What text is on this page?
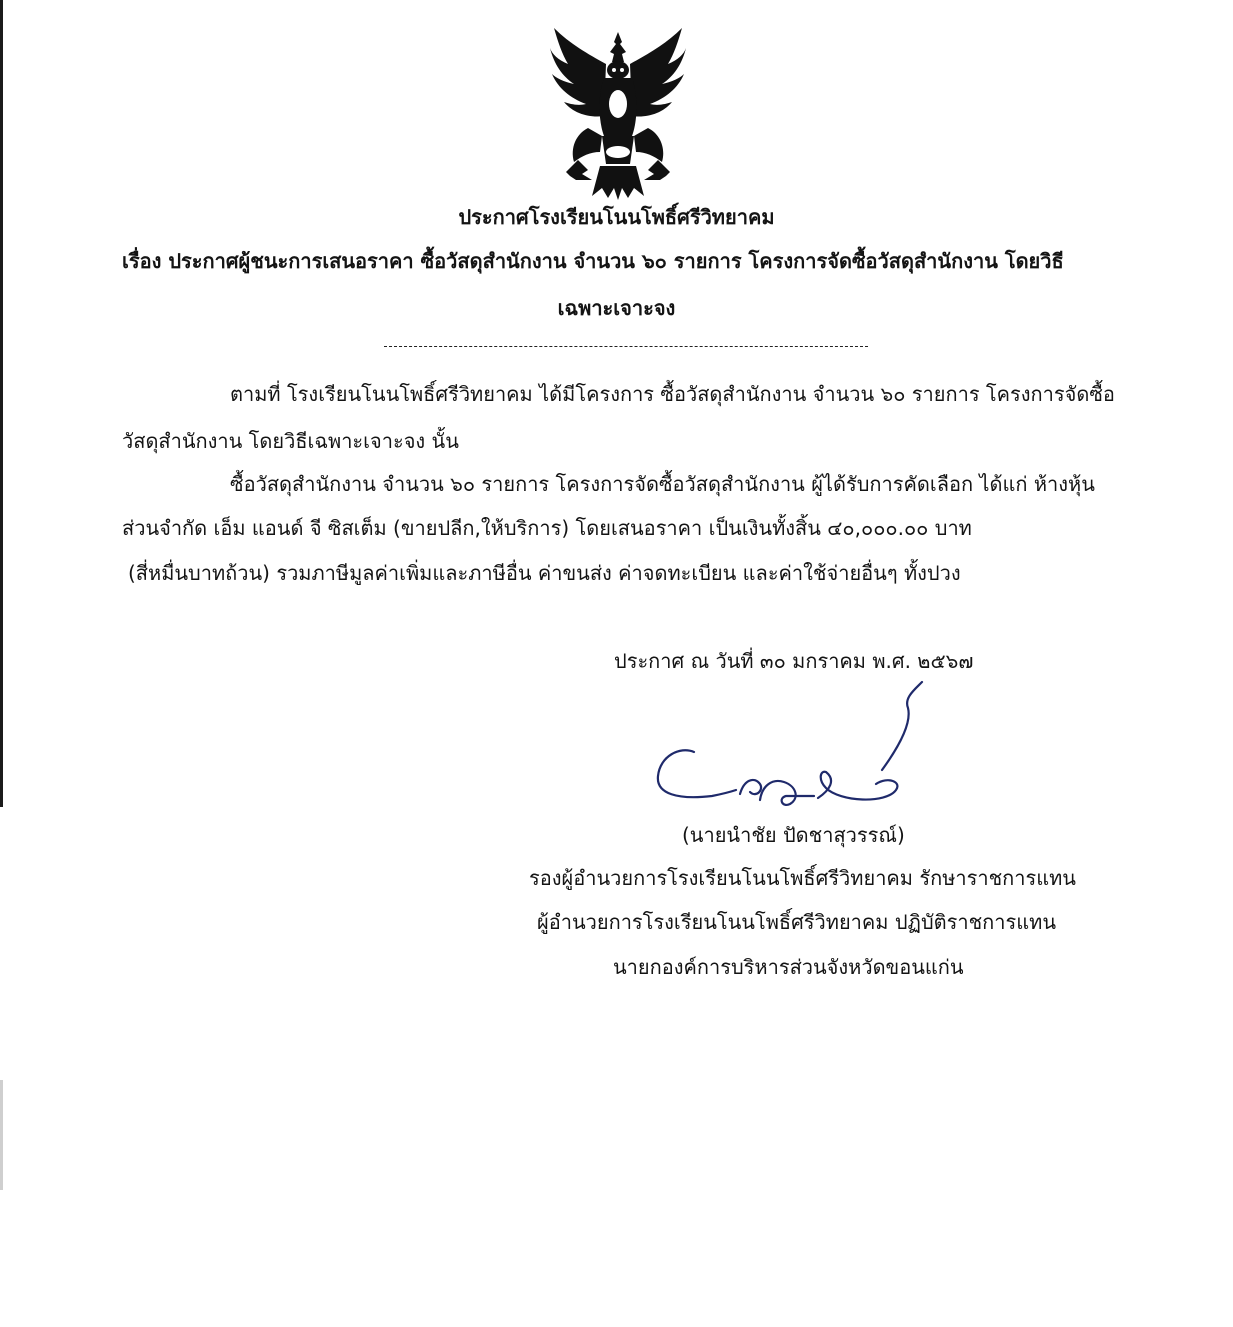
ประกาศโรงเรียนโนนโพธิ์ศรีวิทยาคม
เรื่อง ประกาศผู้ชนะการเสนอราคา ซื้อวัสดุสำนักงาน จำนวน ๖๐ รายการ โครงการจัดซื้อวัสดุสำนักงาน โดยวิธี
เฉพาะเจาะจง
ตามที่ โรงเรียนโนนโพธิ์ศรีวิทยาคม ได้มีโครงการ ซื้อวัสดุสำนักงาน จำนวน ๖๐ รายการ โครงการจัดซื้อ
วัสดุสำนักงาน โดยวิธีเฉพาะเจาะจง นั้น
ซื้อวัสดุสำนักงาน จำนวน ๖๐ รายการ โครงการจัดซื้อวัสดุสำนักงาน ผู้ได้รับการคัดเลือก ได้แก่ ห้างหุ้น
ส่วนจำกัด เอ็ม แอนด์ จี ซิสเต็ม (ขายปลีก,ให้บริการ) โดยเสนอราคา เป็นเงินทั้งสิ้น ๔๐,๐๐๐.๐๐ บาท
(สี่หมื่นบาทถ้วน) รวมภาษีมูลค่าเพิ่มและภาษีอื่น ค่าขนส่ง ค่าจดทะเบียน และค่าใช้จ่ายอื่นๆ ทั้งปวง
ประกาศ ณ วันที่ ๓๐ มกราคม พ.ศ. ๒๕๖๗
(นายนำชัย ปัดชาสุวรรณ์)
รองผู้อำนวยการโรงเรียนโนนโพธิ์ศรีวิทยาคม รักษาราชการแทน
ผู้อำนวยการโรงเรียนโนนโพธิ์ศรีวิทยาคม ปฏิบัติราชการแทน
นายกองค์การบริหารส่วนจังหวัดขอนแก่น
